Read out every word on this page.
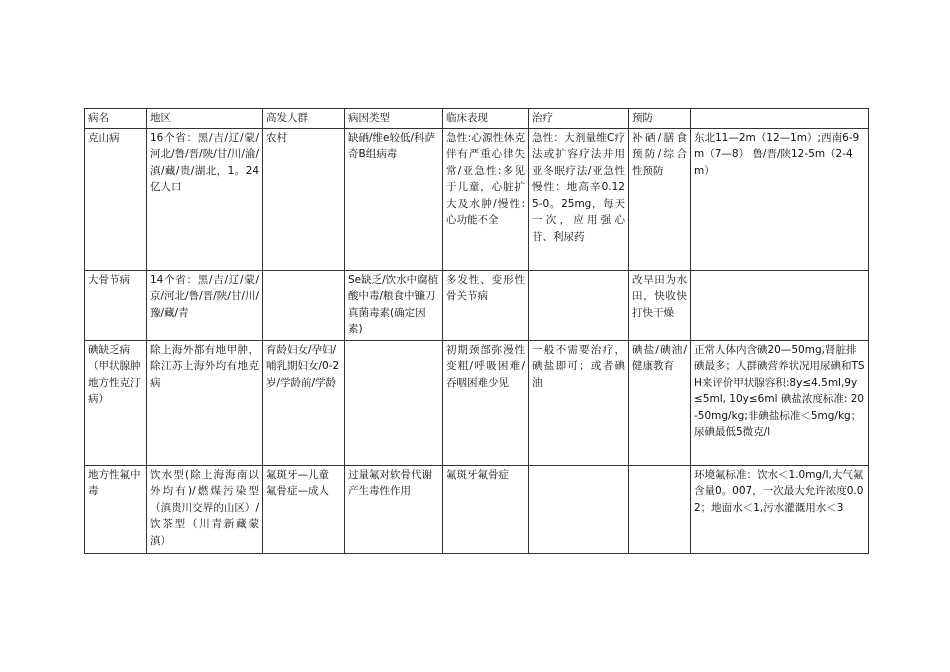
病名	地区	高发人群	病因类型	临床表现	治疗	预防	
克山病	16个省：黑/吉/辽/蒙/河北/鲁/晋/陕/甘/川/渝/滇/藏/贵/湖北，1。24亿人口	农村	缺硒/维e较低/科萨奇B组病毒	急性:心源性休克伴有严重心律失常/亚急性:多见于儿童，心脏扩大及水肿/慢性:心功能不全	急性：大剂量维C疗法或扩容疗法并用亚冬眠疗法/亚急性慢性：地高辛0.125-0。25mg，每天一次，应用强心苷、利尿药	补硒/膳食预防/综合性预防	东北11—2m（12—1m）;西南6-9m（7—8） 鲁/晋/陕12-5m（2-4m）
大骨节病	14个省：黑/吉/辽/蒙/京/河北/鲁/晋/陕/甘/川/豫/藏/青		Se缺乏/饮水中腐植酸中毒/粮食中镰刀真菌毒素(确定因素)	多发性、变形性骨关节病		改旱田为水田，快收快打快干燥	
碘缺乏病（甲状腺肿 地方性克汀病）	除上海外都有地甲肿，除江苏上海外均有地克病	育龄妇女/孕妇/哺乳期妇女/0-2岁/学龄前/学龄		初期颈部弥漫性变粗/呼吸困难/吞咽困难少见	一般不需要治疗，碘盐即可；或者碘油	碘盐/碘油/健康教育	正常人体内含碘20—50mg,肾脏排碘最多；人群碘营养状况用尿碘和TSH来评价甲状腺容积:8y≤4.5ml,9y≤5ml, 10y≤6ml 碘盐浓度标准: 20-50mg/kg;非碘盐标准＜5mg/kg；尿碘最低5微克/l
地方性氟中毒	饮水型(除上海海南以外均有)/燃煤污染型（滇贵川交界的山区）/饮茶型（川青新藏蒙滇）	氟斑牙—儿童 氟骨症—成人	过量氟对软骨代谢产生毒性作用	氟斑牙氟骨症			环境氟标准：饮水＜1.0mg/l,大气氟含量0。007，一次最大允许浓度0.02；地面水＜1,污水灌溉用水＜3
